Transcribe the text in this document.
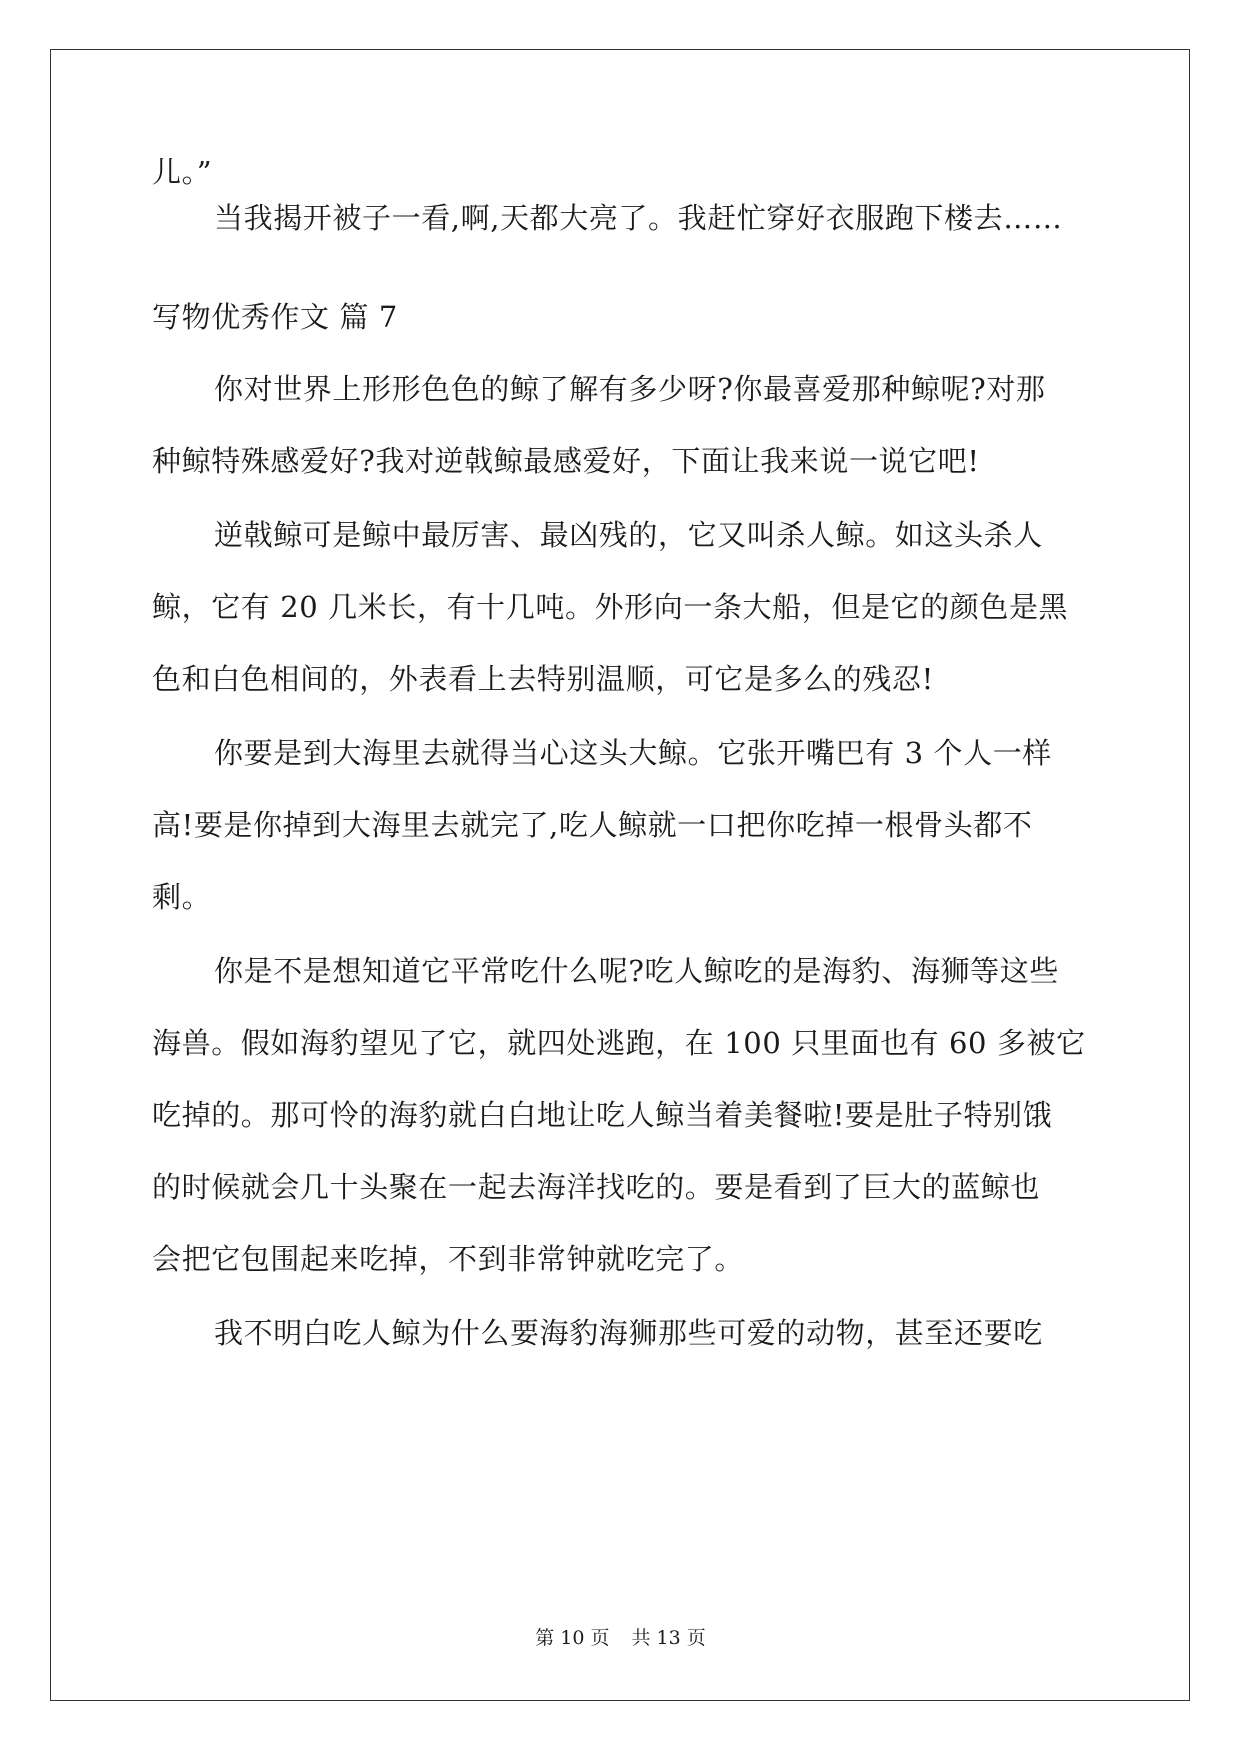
儿。”
当我揭开被子一看,啊,天都大亮了。我赶忙穿好衣服跑下楼去……
写物优秀作文 篇 7
你对世界上形形色色的鲸了解有多少呀?你最喜爱那种鲸呢?对那
种鲸特殊感爱好?我对逆戟鲸最感爱好，下面让我来说一说它吧!
逆戟鲸可是鲸中最厉害、最凶残的，它又叫杀人鲸。如这头杀人
鲸，它有 20 几米长，有十几吨。外形向一条大船，但是它的颜色是黑
色和白色相间的，外表看上去特别温顺，可它是多么的残忍!
你要是到大海里去就得当心这头大鲸。它张开嘴巴有 3 个人一样
高!要是你掉到大海里去就完了,吃人鲸就一口把你吃掉一根骨头都不
剩。
你是不是想知道它平常吃什么呢?吃人鲸吃的是海豹、海狮等这些
海兽。假如海豹望见了它，就四处逃跑，在 100 只里面也有 60 多被它
吃掉的。那可怜的海豹就白白地让吃人鲸当着美餐啦!要是肚子特别饿
的时候就会几十头聚在一起去海洋找吃的。要是看到了巨大的蓝鲸也
会把它包围起来吃掉，不到非常钟就吃完了。
我不明白吃人鲸为什么要海豹海狮那些可爱的动物，甚至还要吃
第 10 页 共 13 页
